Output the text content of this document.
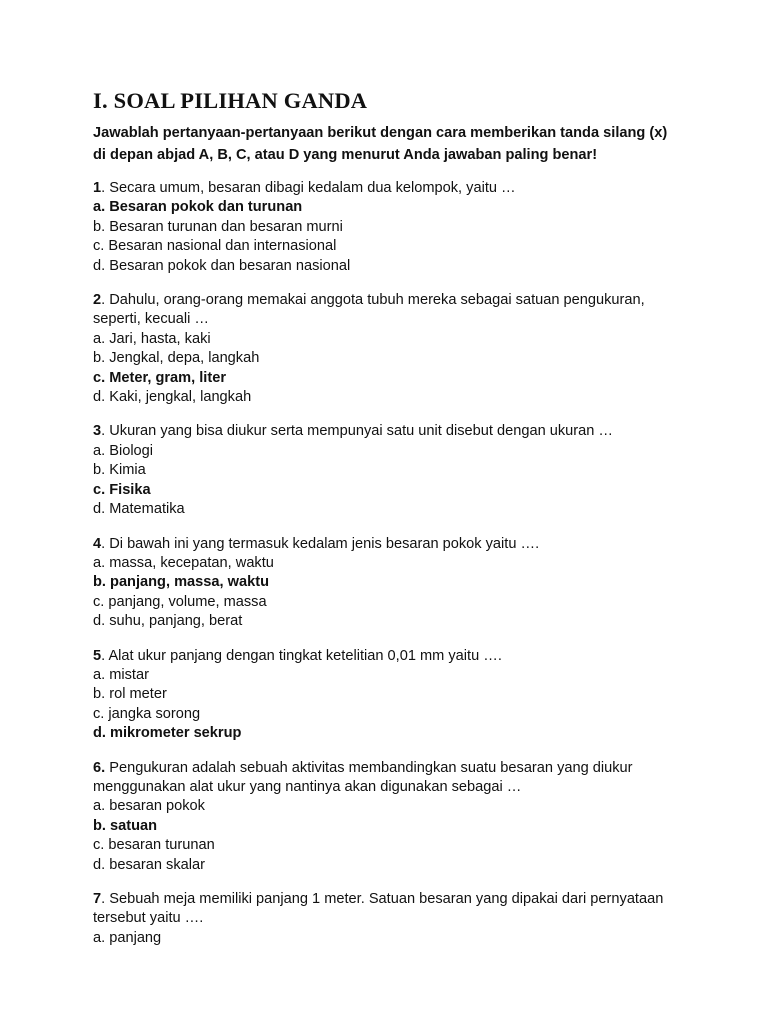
I. SOAL PILIHAN GANDA

Jawablah pertanyaan-pertanyaan berikut dengan cara memberikan tanda silang (x) di depan abjad A, B, C, atau D yang menurut Anda jawaban paling benar!

1. Secara umum, besaran dibagi kedalam dua kelompok, yaitu …

a. Besaran pokok dan turunan

b. Besaran turunan dan besaran murni

c. Besaran nasional dan internasional

d. Besaran pokok dan besaran nasional

2. Dahulu, orang-orang memakai anggota tubuh mereka sebagai satuan pengukuran, seperti, kecuali …

a. Jari, hasta, kaki

b. Jengkal, depa, langkah

c. Meter, gram, liter

d. Kaki, jengkal, langkah

3. Ukuran yang bisa diukur serta mempunyai satu unit disebut dengan ukuran …

a. Biologi

b. Kimia

c. Fisika

d. Matematika

4. Di bawah ini yang termasuk kedalam jenis besaran pokok yaitu ….

a. massa, kecepatan, waktu

b. panjang, massa, waktu

c. panjang, volume, massa

d. suhu, panjang, berat

5. Alat ukur panjang dengan tingkat ketelitian 0,01 mm yaitu ….

a. mistar

b. rol meter

c. jangka sorong

d. mikrometer sekrup

6. Pengukuran adalah sebuah aktivitas membandingkan suatu besaran yang diukur menggunakan alat ukur yang nantinya akan digunakan sebagai …

a. besaran pokok

b. satuan

c. besaran turunan

d. besaran skalar

7. Sebuah meja memiliki panjang 1 meter. Satuan besaran yang dipakai dari pernyataan tersebut yaitu ….

a. panjang
